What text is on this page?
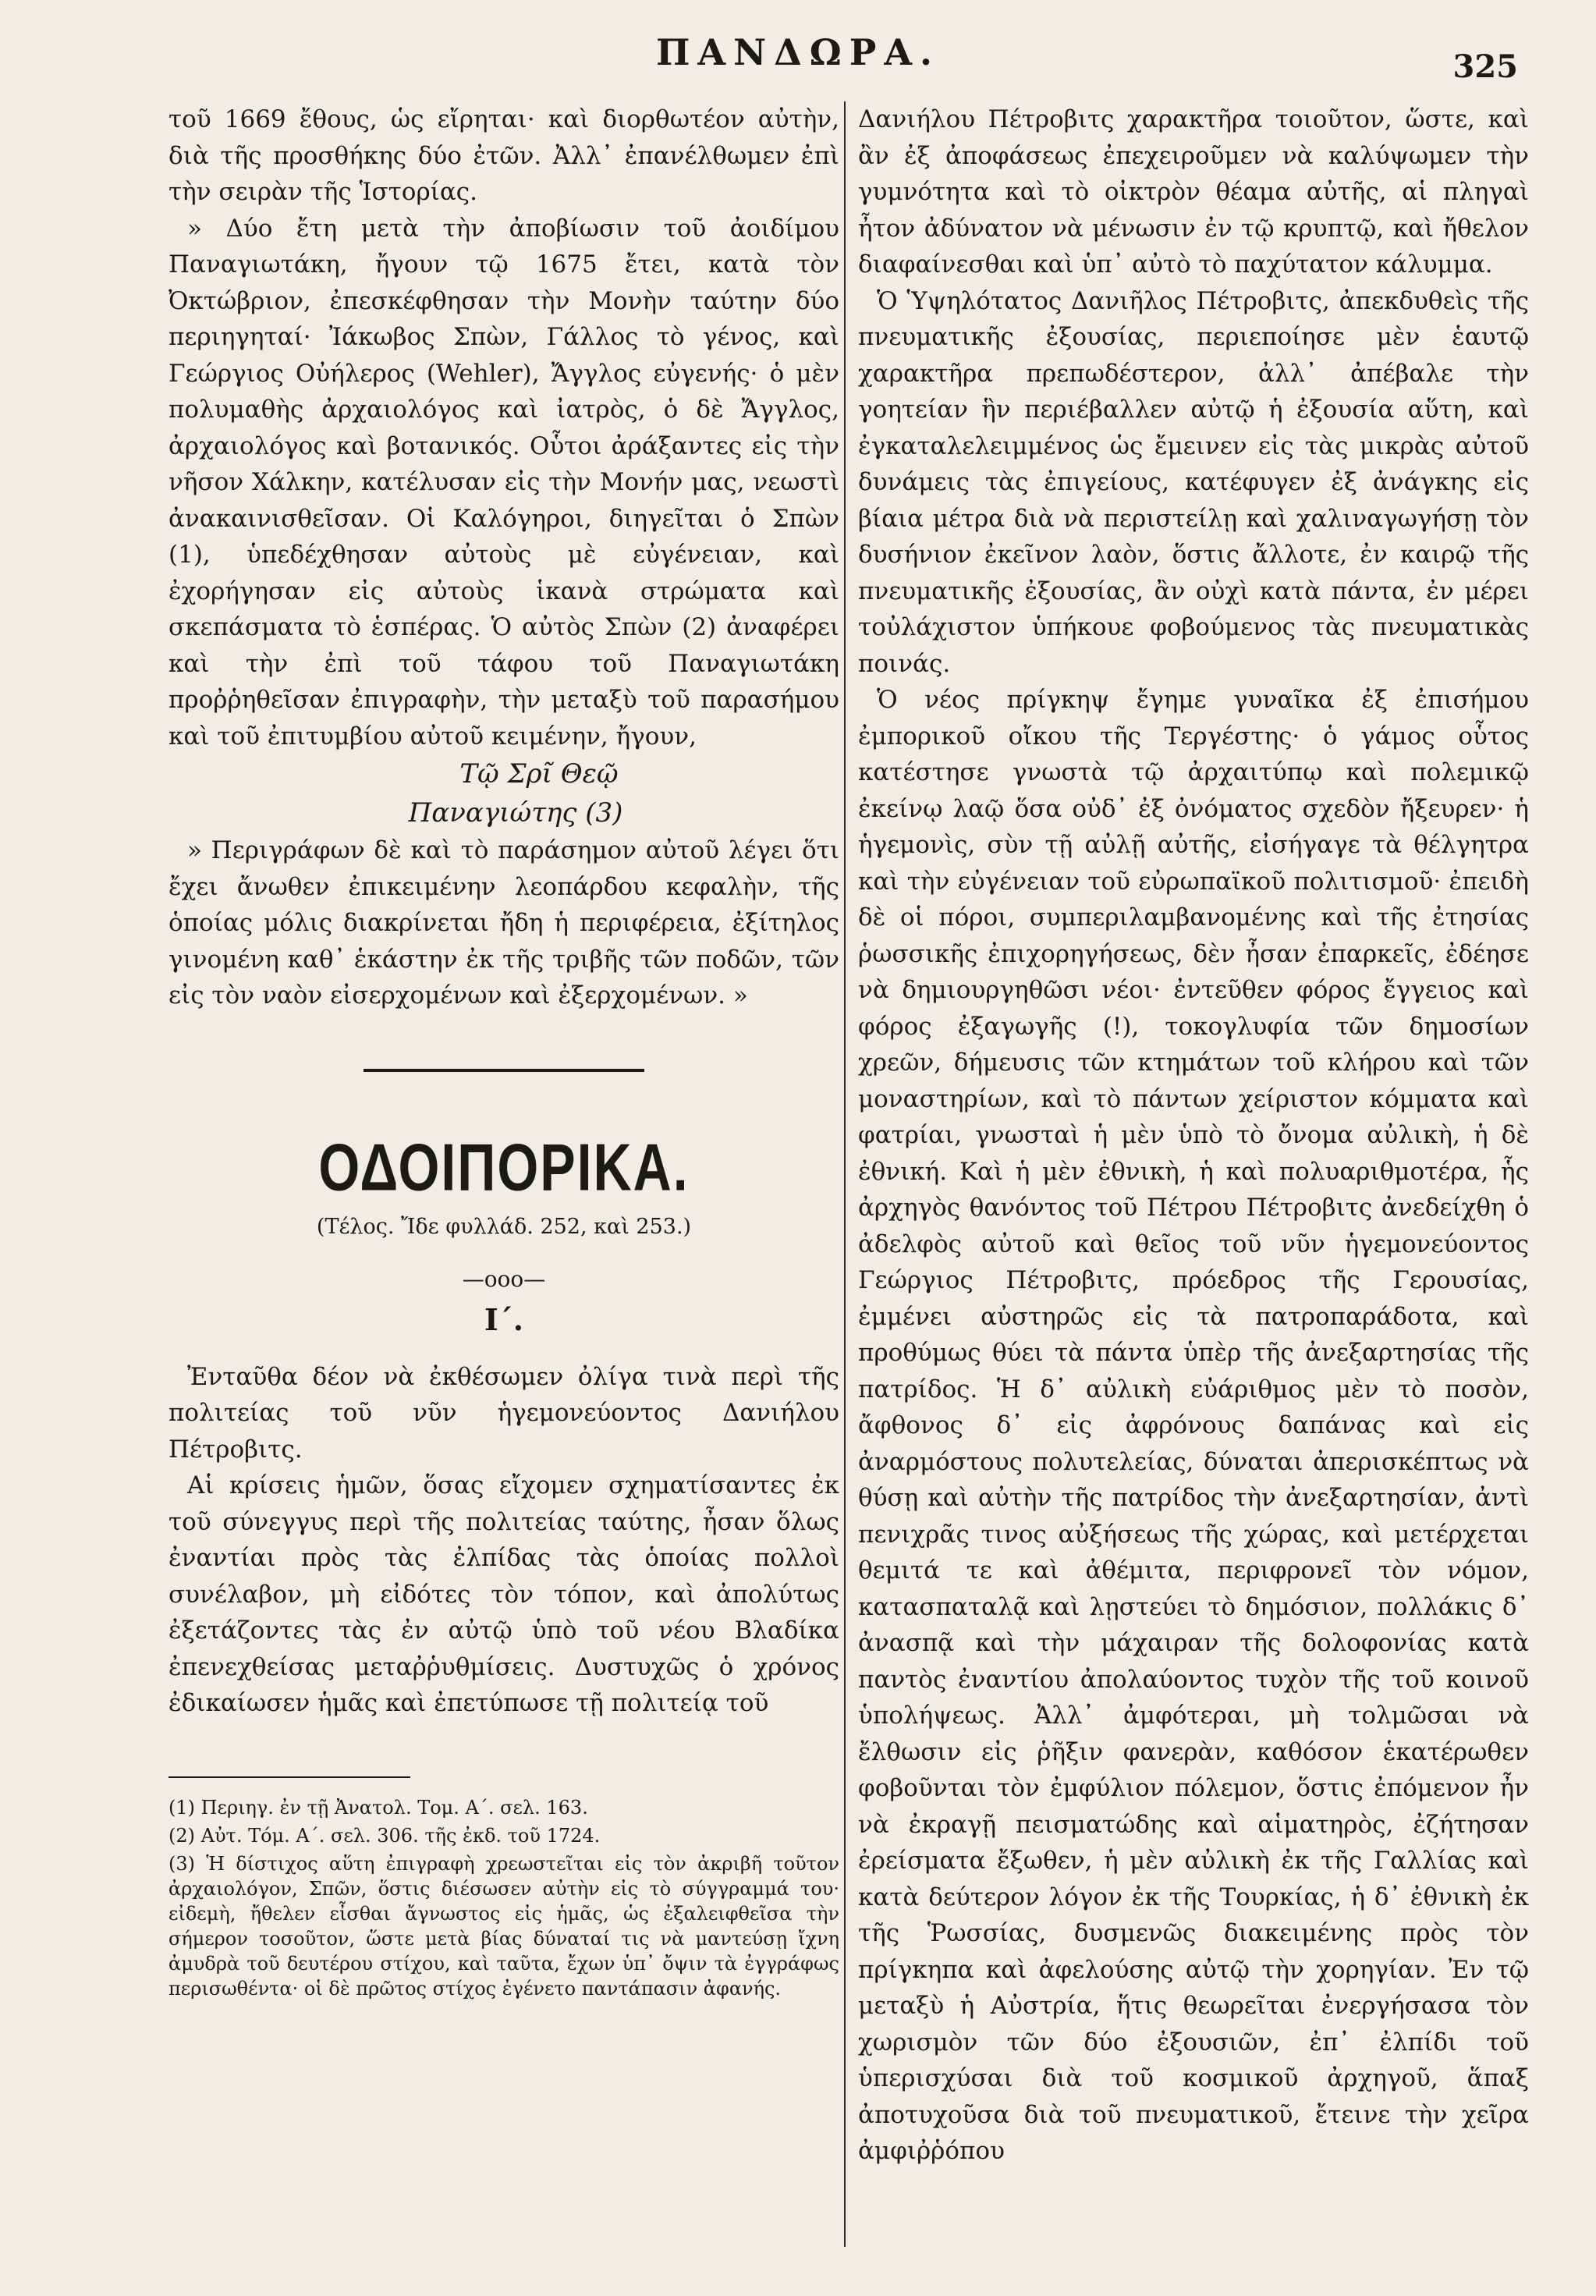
ΠΑΝΔΩΡΑ.	325

τοῦ 1669 ἔθους, ὡς εἴρηται· καὶ διορθωτέον αὐτὴν, διὰ τῆς προσθήκης δύο ἐτῶν. Ἀλλ᾿ ἐπανέλθωμεν ἐπὶ τὴν σειρὰν τῆς Ἱστορίας.

» Δύο ἔτη μετὰ τὴν ἀποβίωσιν τοῦ ἀοιδίμου Παναγιωτάκη, ἤγουν τῷ 1675 ἔτει, κατὰ τὸν Ὀκτώβριον, ἐπεσκέφθησαν τὴν Μονὴν ταύτην δύο περιηγηταί· Ἰάκωβος Σπὼν, Γάλλος τὸ γένος, καὶ Γεώργιος Οὐήλερος (Wehler), Ἄγγλος εὐγενής· ὁ μὲν πολυμαθὴς ἀρχαιολόγος καὶ ἰατρὸς, ὁ δὲ Ἄγγλος, ἀρχαιολόγος καὶ βοτανικός. Οὗτοι ἀράξαντες εἰς τὴν νῆσον Χάλκην, κατέλυσαν εἰς τὴν Μονήν μας, νεωστὶ ἀνακαινισθεῖσαν. Οἱ Καλόγηροι, διηγεῖται ὁ Σπὼν (1), ὑπεδέχθησαν αὐτοὺς μὲ εὐγένειαν, καὶ ἐχορήγησαν εἰς αὐτοὺς ἱκανὰ στρώματα καὶ σκεπάσματα τὸ ἑσπέρας. Ὁ αὐτὸς Σπὼν (2) ἀναφέρει καὶ τὴν ἐπὶ τοῦ τάφου τοῦ Παναγιωτάκη προῤῥηθεῖσαν ἐπιγραφὴν, τὴν μεταξὺ τοῦ παρασήμου καὶ τοῦ ἐπιτυμβίου αὐτοῦ κειμένην, ἤγουν,

Τῷ Σρῖ Θεῷ

Παναγιώτης (3)

» Περιγράφων δὲ καὶ τὸ παράσημον αὐτοῦ λέγει ὅτι ἔχει ἄνωθεν ἐπικειμένην λεοπάρδου κεφαλὴν, τῆς ὁποίας μόλις διακρίνεται ἤδη ἡ περιφέρεια, ἐξίτηλος γινομένη καθ᾿ ἑκάστην ἐκ τῆς τριβῆς τῶν ποδῶν, τῶν εἰς τὸν ναὸν εἰσερχομένων καὶ ἐξερχομένων. »

ΟΔΟΙΠΟΡΙΚΑ.
(Τέλος. Ἴδε φυλλάδ. 252, καὶ 253.)
—ooo—
Ι΄.

Ἐνταῦθα δέον νὰ ἐκθέσωμεν ὀλίγα τινὰ περὶ τῆς πολιτείας τοῦ νῦν ἡγεμονεύοντος Δανιήλου Πέτροβιτς.

Αἱ κρίσεις ἡμῶν, ὅσας εἴχομεν σχηματίσαντες ἐκ τοῦ σύνεγγυς περὶ τῆς πολιτείας ταύτης, ἦσαν ὅλως ἐναντίαι πρὸς τὰς ἐλπίδας τὰς ὁποίας πολλοὶ συνέλαβον, μὴ εἰδότες τὸν τόπον, καὶ ἀπολύτως ἐξετάζοντες τὰς ἐν αὐτῷ ὑπὸ τοῦ νέου Βλαδίκα ἐπενεχθείσας μεταῤῥυθμίσεις. Δυστυχῶς ὁ χρόνος ἐδικαίωσεν ἡμᾶς καὶ ἐπετύπωσε τῇ πολιτείᾳ τοῦ

(1) Περιηγ. ἐν τῇ Ἀνατολ. Τομ. Α΄. σελ. 163.

(2) Αὐτ. Τόμ. Α΄. σελ. 306. τῆς ἐκδ. τοῦ 1724.

(3) Ἡ δίστιχος αὕτη ἐπιγραφὴ χρεωστεῖται εἰς τὸν ἀκριβῆ τοῦτον ἀρχαιολόγον, Σπῶν, ὅστις διέσωσεν αὐτὴν εἰς τὸ σύγγραμμά του· εἰδεμὴ, ἤθελεν εἶσθαι ἄγνωστος εἰς ἡμᾶς, ὡς ἐξαλειφθεῖσα τὴν σήμερον τοσοῦτον, ὥστε μετὰ βίας δύναταί τις νὰ μαντεύσῃ ἴχνη ἀμυδρὰ τοῦ δευτέρου στίχου, καὶ ταῦτα, ἔχων ὑπ᾿ ὄψιν τὰ ἐγγράφως περισωθέντα· οἱ δὲ πρῶτος στίχος ἐγένετο παντάπασιν ἀφανής.

Δανιήλου Πέτροβιτς χαρακτῆρα τοιοῦτον, ὥστε, καὶ ἂν ἐξ ἀποφάσεως ἐπεχειροῦμεν νὰ καλύψωμεν τὴν γυμνότητα καὶ τὸ οἰκτρὸν θέαμα αὐτῆς, αἱ πληγαὶ ἦτον ἀδύνατον νὰ μένωσιν ἐν τῷ κρυπτῷ, καὶ ἤθελον διαφαίνεσθαι καὶ ὑπ᾿ αὐτὸ τὸ παχύτατον κάλυμμα.

Ὁ Ὑψηλότατος Δανιῆλος Πέτροβιτς, ἀπεκδυθεὶς τῆς πνευματικῆς ἐξουσίας, περιεποίησε μὲν ἑαυτῷ χαρακτῆρα πρεπωδέστερον, ἀλλ᾿ ἀπέβαλε τὴν γοητείαν ἣν περιέβαλλεν αὐτῷ ἡ ἐξουσία αὕτη, καὶ ἐγκαταλελειμμένος ὡς ἔμεινεν εἰς τὰς μικρὰς αὐτοῦ δυνάμεις τὰς ἐπιγείους, κατέφυγεν ἐξ ἀνάγκης εἰς βίαια μέτρα διὰ νὰ περιστείλῃ καὶ χαλιναγωγήσῃ τὸν δυσήνιον ἐκεῖνον λαὸν, ὅστις ἄλλοτε, ἐν καιρῷ τῆς πνευματικῆς ἐξουσίας, ἂν οὐχὶ κατὰ πάντα, ἐν μέρει τοὐλάχιστον ὑπήκουε φοβούμενος τὰς πνευματικὰς ποινάς.

Ὁ νέος πρίγκηψ ἔγημε γυναῖκα ἐξ ἐπισήμου ἐμπορικοῦ οἴκου τῆς Τεργέστης· ὁ γάμος οὗτος κατέστησε γνωστὰ τῷ ἀρχαιτύπῳ καὶ πολεμικῷ ἐκείνῳ λαῷ ὅσα οὐδ᾿ ἐξ ὀνόματος σχεδὸν ἤξευρεν· ἡ ἡγεμονὶς, σὺν τῇ αὐλῇ αὐτῆς, εἰσήγαγε τὰ θέλγητρα καὶ τὴν εὐγένειαν τοῦ εὐρωπαϊκοῦ πολιτισμοῦ· ἐπειδὴ δὲ οἱ πόροι, συμπεριλαμβανομένης καὶ τῆς ἐτησίας ῥωσσικῆς ἐπιχορηγήσεως, δὲν ἦσαν ἐπαρκεῖς, ἐδέησε νὰ δημιουργηθῶσι νέοι· ἐντεῦθεν φόρος ἔγγειος καὶ φόρος ἐξαγωγῆς (!), τοκογλυφία τῶν δημοσίων χρεῶν, δήμευσις τῶν κτημάτων τοῦ κλήρου καὶ τῶν μοναστηρίων, καὶ τὸ πάντων χείριστον κόμματα καὶ φατρίαι, γνωσταὶ ἡ μὲν ὑπὸ τὸ ὄνομα αὐλικὴ, ἡ δὲ ἐθνική. Καὶ ἡ μὲν ἐθνικὴ, ἡ καὶ πολυαριθμοτέρα, ἧς ἀρχηγὸς θανόντος τοῦ Πέτρου Πέτροβιτς ἀνεδείχθη ὁ ἀδελφὸς αὐτοῦ καὶ θεῖος τοῦ νῦν ἡγεμονεύοντος Γεώργιος Πέτροβιτς, πρόεδρος τῆς Γερουσίας, ἐμμένει αὐστηρῶς εἰς τὰ πατροπαράδοτα, καὶ προθύμως θύει τὰ πάντα ὑπὲρ τῆς ἀνεξαρτησίας τῆς πατρίδος. Ἡ δ᾿ αὐλικὴ εὐάριθμος μὲν τὸ ποσὸν, ἄφθονος δ᾿ εἰς ἀφρόνους δαπάνας καὶ εἰς ἀναρμόστους πολυτελείας, δύναται ἀπερισκέπτως νὰ θύσῃ καὶ αὐτὴν τῆς πατρίδος τὴν ἀνεξαρτησίαν, ἀντὶ πενιχρᾶς τινος αὐξήσεως τῆς χώρας, καὶ μετέρχεται θεμιτά τε καὶ ἀθέμιτα, περιφρονεῖ τὸν νόμον, κατασπαταλᾷ καὶ λῃστεύει τὸ δημόσιον, πολλάκις δ᾿ ἀνασπᾷ καὶ τὴν μάχαιραν τῆς δολοφονίας κατὰ παντὸς ἐναντίου ἀπολαύοντος τυχὸν τῆς τοῦ κοινοῦ ὑπολήψεως. Ἀλλ᾿ ἀμφότεραι, μὴ τολμῶσαι νὰ ἔλθωσιν εἰς ῥῆξιν φανερὰν, καθόσον ἑκατέρωθεν φοβοῦνται τὸν ἐμφύλιον πόλεμον, ὅστις ἐπόμενον ἦν νὰ ἐκραγῇ πεισματώδης καὶ αἱματηρὸς, ἐζήτησαν ἐρείσματα ἔξωθεν, ἡ μὲν αὐλικὴ ἐκ τῆς Γαλλίας καὶ κατὰ δεύτερον λόγον ἐκ τῆς Τουρκίας, ἡ δ᾿ ἐθνικὴ ἐκ τῆς Ῥωσσίας, δυσμενῶς διακειμένης πρὸς τὸν πρίγκηπα καὶ ἀφελούσης αὐτῷ τὴν χορηγίαν. Ἐν τῷ μεταξὺ ἡ Αὐστρία, ἥτις θεωρεῖται ἐνεργήσασα τὸν χωρισμὸν τῶν δύο ἐξουσιῶν, ἐπ᾿ ἐλπίδι τοῦ ὑπερισχύσαι διὰ τοῦ κοσμικοῦ ἀρχηγοῦ, ἅπαξ ἀποτυχοῦσα διὰ τοῦ πνευματικοῦ, ἔτεινε τὴν χεῖρα ἀμφιῤῥόπου
